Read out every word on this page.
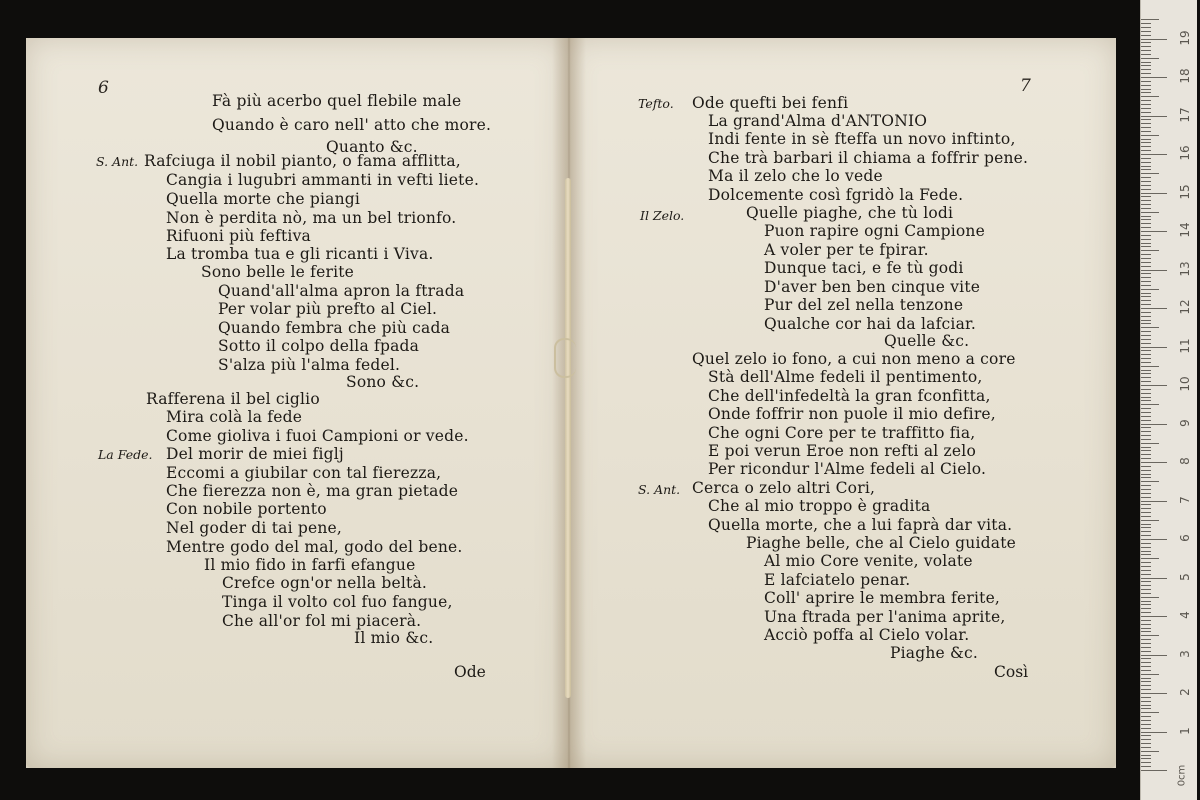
6
Fà più acerbo quel flebile male
Quando è caro nell' atto che more.
Quanto &c.
S. Ant. Rafciuga il nobil pianto, o fama afflitta,
Cangia i lugubri ammanti in vefti liete.
Quella morte che piangi
Non è perdita nò, ma un bel trionfo.
Rifuoni più feftiva
La tromba tua e gli ricanti i Viva.
Sono belle le ferite
Quand'all'alma apron la ftrada
Per volar più prefto al Ciel.
Quando fembra che più cada
Sotto il colpo della fpada
S'alza più l'alma fedel.
Sono &c.
Rafferena il bel ciglio
Mira colà la fede
Come gioliva i fuoi Campioni or vede.
La Fede. Del morir de miei figlj
Eccomi a giubilar con tal fierezza,
Che fierezza non è, ma gran pietade
Con nobile portento
Nel goder di tai pene,
Mentre godo del mal, godo del bene.
Il mio fido in farfi efangue
Crefce ogn'or nella beltà.
Tinga il volto col fuo fangue,
Che all'or fol mi piacerà.
Il mio &c.
Ode
7
Tefto. Ode quefti bei fenfi
La grand'Alma d'ANTONIO
Indi fente in sè fteffa un novo inftinto,
Che trà barbari il chiama a foffrir pene.
Ma il zelo che lo vede
Dolcemente così fgridò la Fede.
Il Zelo.	Quelle piaghe, che tù lodi
Puon rapire ogni Campione
A voler per te fpirar.
Dunque taci, e fe tù godi
D'aver ben ben cinque vite
Pur del zel nella tenzone
Qualche cor hai da lafciar.
Quelle &c.
Quel zelo io fono, a cui non meno a core
Stà dell'Alme fedeli il pentimento,
Che dell'infedeltà la gran fconfitta,
Onde foffrir non puole il mio defire,
Che ogni Core per te traffitto fia,
E poi verun Eroe non refti al zelo
Per ricondur l'Alme fedeli al Cielo.
S. Ant. Cerca o zelo altri Cori,
Che al mio troppo è gradita
Quella morte, che a lui faprà dar vita.
Piaghe belle, che al Cielo guidate
Al mio Core venite, volate
E lafciatelo penar.
Coll' aprire le membra ferite,
Una ftrada per l'anima aprite,
Acciò poffa al Cielo volar.
Piaghe &c.
Così
0cm
1
2
3
4
5
6
7
8
9
10
11
12
13
14
15
16
17
18
19
